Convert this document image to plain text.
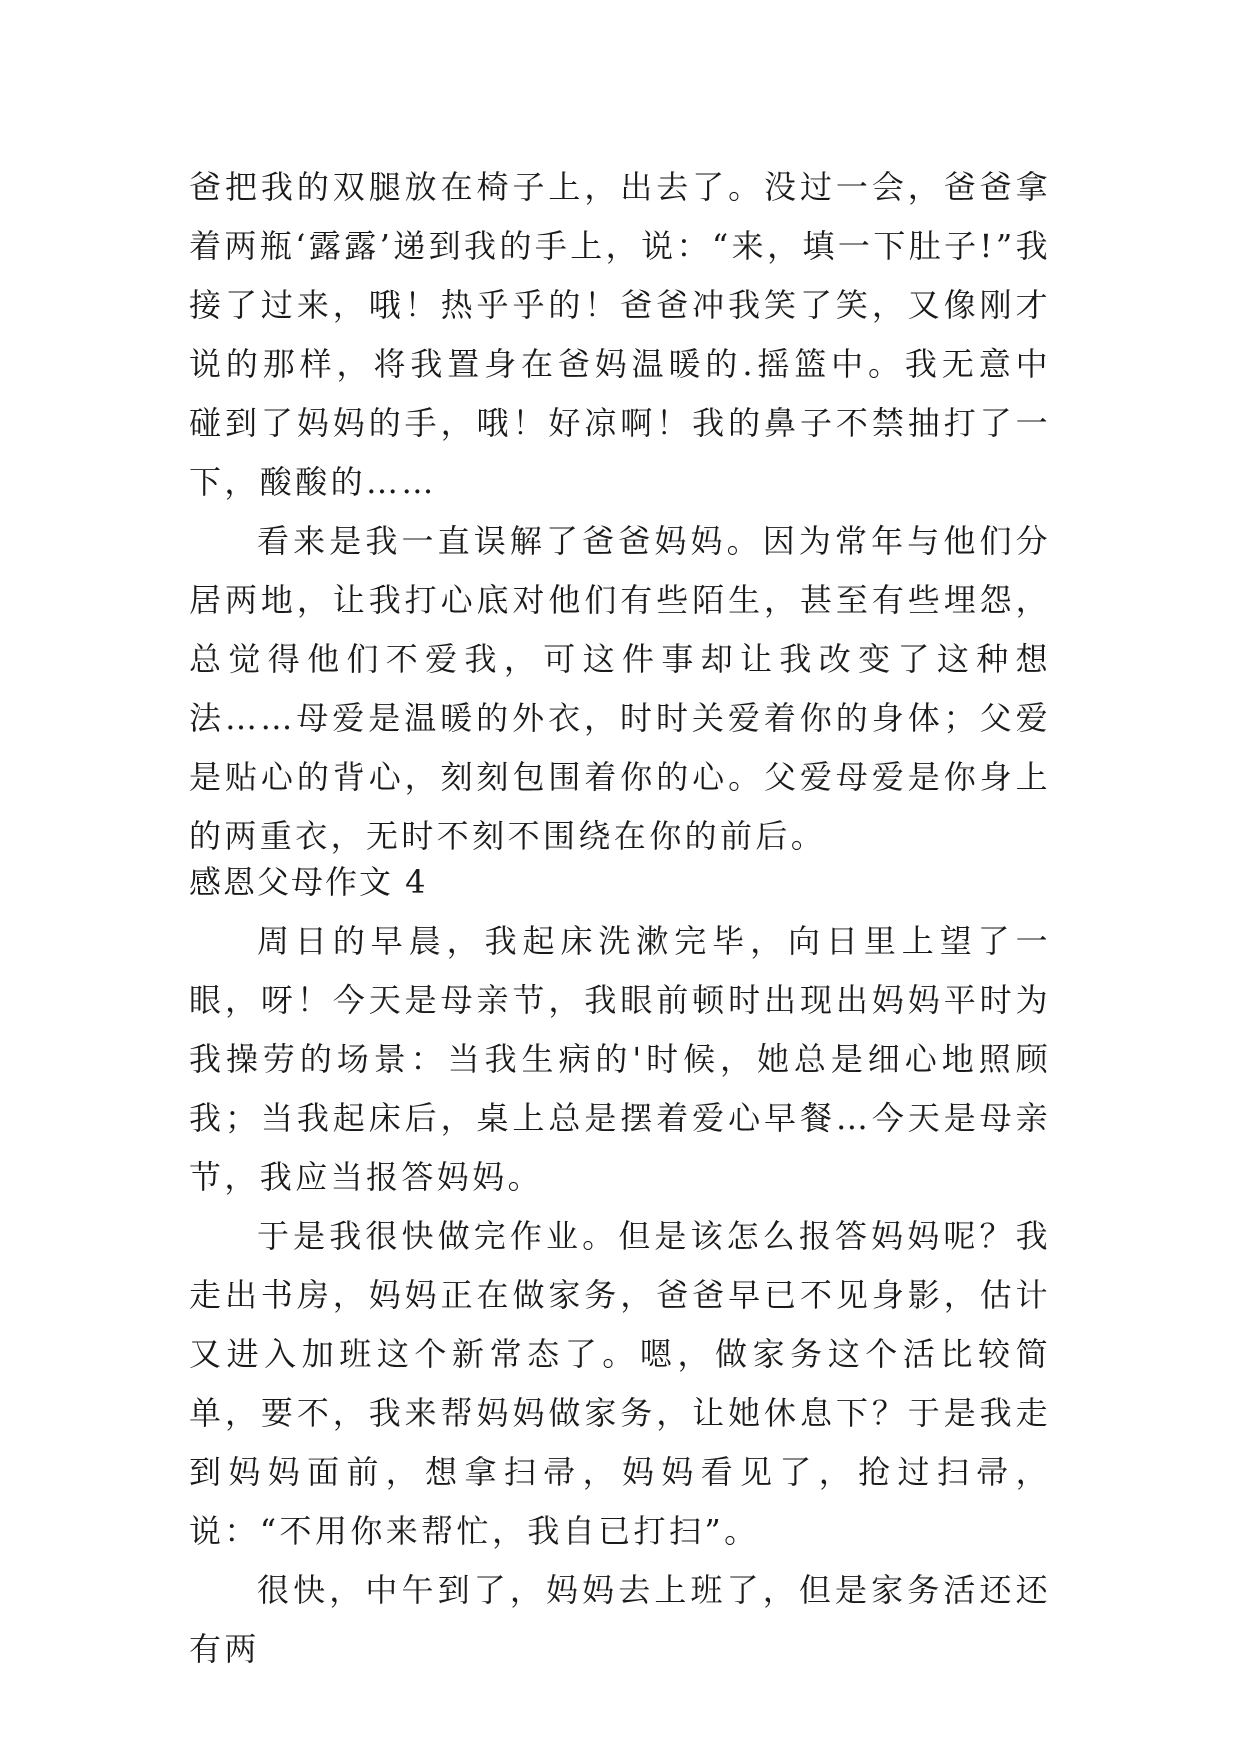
爸把我的双腿放在椅子上，出去了。没过一会，爸爸拿着两瓶‘露露’递到我的手上，说：“来，填一下肚子!”我接了过来，哦！热乎乎的！爸爸冲我笑了笑，又像刚才说的那样，将我置身在爸妈温暖的.摇篮中。我无意中碰到了妈妈的手，哦！好凉啊！我的鼻子不禁抽打了一下，酸酸的……

看来是我一直误解了爸爸妈妈。因为常年与他们分居两地，让我打心底对他们有些陌生，甚至有些埋怨，总觉得他们不爱我，可这件事却让我改变了这种想法……母爱是温暖的外衣，时时关爱着你的身体；父爱是贴心的背心，刻刻包围着你的心。父爱母爱是你身上的两重衣，无时不刻不围绕在你的前后。

感恩父母作文 4

周日的早晨，我起床洗漱完毕，向日里上望了一眼，呀！今天是母亲节，我眼前顿时出现出妈妈平时为我操劳的场景：当我生病的'时候，她总是细心地照顾我；当我起床后，桌上总是摆着爱心早餐…今天是母亲节，我应当报答妈妈。

于是我很快做完作业。但是该怎么报答妈妈呢？我走出书房，妈妈正在做家务，爸爸早已不见身影，估计又进入加班这个新常态了。嗯，做家务这个活比较简单，要不，我来帮妈妈做家务，让她休息下？于是我走到妈妈面前，想拿扫帚，妈妈看见了，抢过扫帚，说：“不用你来帮忙，我自已打扫”。

很快，中午到了，妈妈去上班了，但是家务活还还有两
